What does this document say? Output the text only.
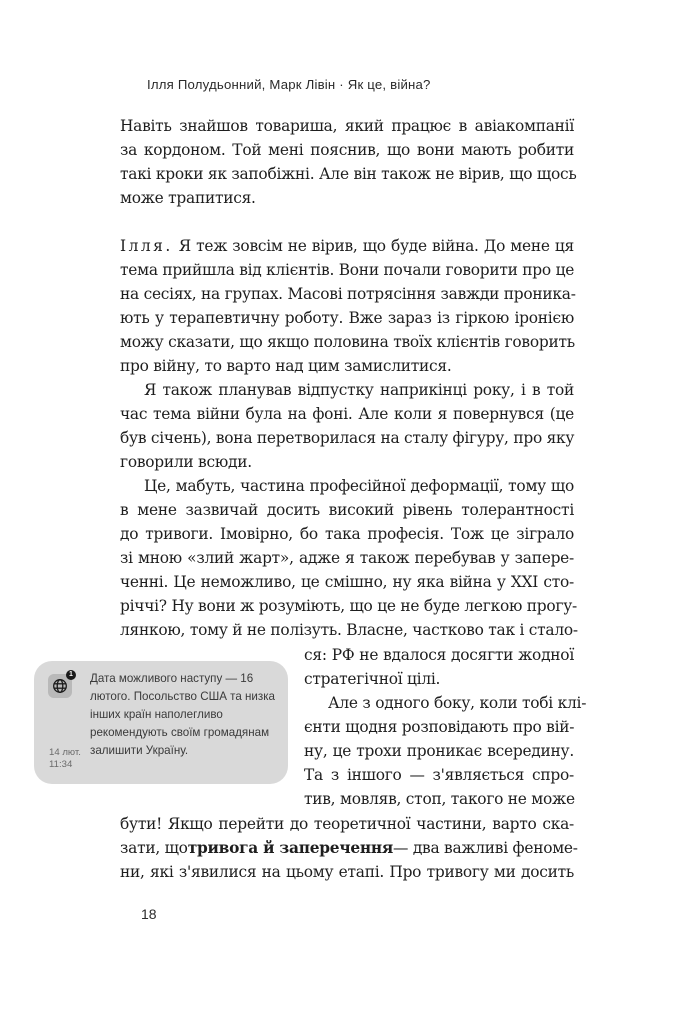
Ілля Полудьонний, Марк Лівін · Як це, війна?
Навіть знайшов товариша, який працює в авіакомпанії
за кордоном. Той мені пояснив, що вони мають робити
такі кроки як запобіжні. Але він також не вірив, що щось
може трапитися.
Ілля. Я теж зовсім не вірив, що буде війна. До мене ця
тема прийшла від клієнтів. Вони почали говорити про це
на сесіях, на групах. Масові потрясіння завжди проника-
ють у терапевтичну роботу. Вже зараз із гіркою іронією
можу сказати, що якщо половина твоїх клієнтів говорить
про війну, то варто над цим замислитися.
Я також планував відпустку наприкінці року, і в той
час тема війни була на фоні. Але коли я повернувся (це
був січень), вона перетворилася на сталу фігуру, про яку
говорили всюди.
Це, мабуть, частина професійної деформації, тому що
в мене зазвичай досить високий рівень толерантності
до тривоги. Імовірно, бо така професія. Тож це зіграло
зі мною «злий жарт», адже я також перебував у запере-
ченні. Це неможливо, це смішно, ну яка війна у XXI сто-
річчі? Ну вони ж розуміють, що це не буде легкою прогу-
лянкою, тому й не полізуть. Власне, частково так і стало-
ся: РФ не вдалося досягти жодної
стратегічної цілі.
Але з одного боку, коли тобі клі-
єнти щодня розповідають про вій-
ну, це трохи проникає всередину.
Та з іншого — з'являється спро-
тив, мовляв, стоп, такого не може
бути! Якщо перейти до теоретичної частини, варто ска-
зати, що тривога й заперечення — два важливі феноме-
ни, які з'явилися на цьому етапі. Про тривогу ми досить
1 Дата можливого наступу — 16 лютого. Посольство США та низка інших країн наполегливо рекомендують своїм громадянам залишити Україну.
14 лют.
11:34
18
